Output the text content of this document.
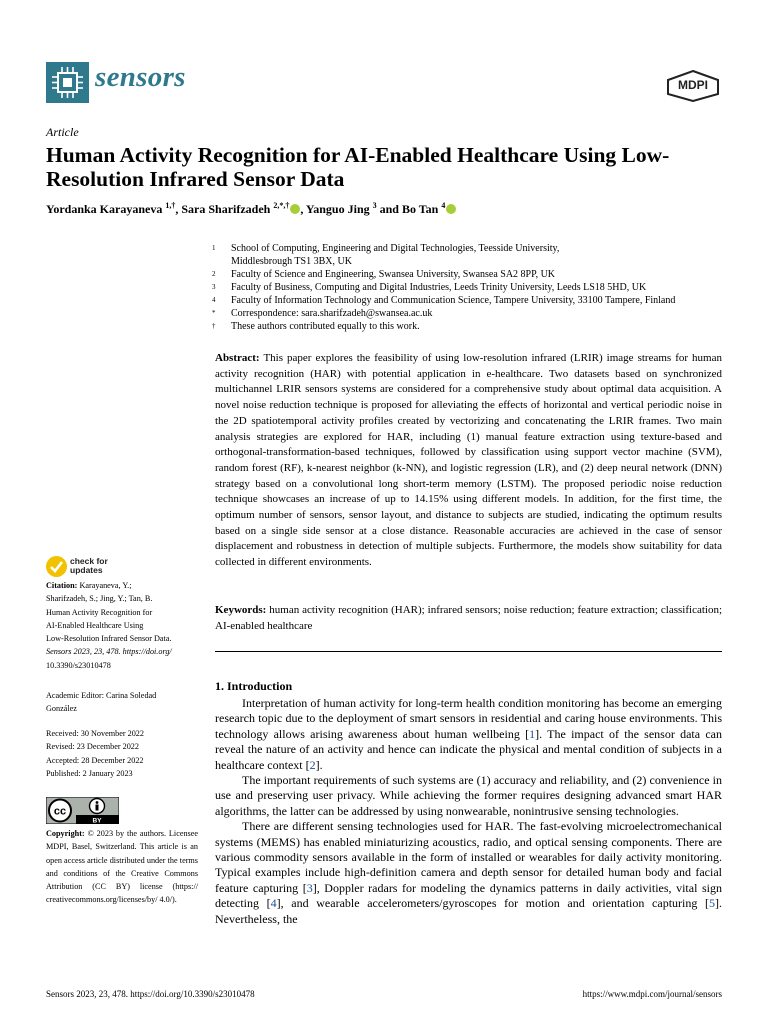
sensors	MDPI
Article
Human Activity Recognition for AI-Enabled Healthcare Using Low-Resolution Infrared Sensor Data
Yordanka Karayaneva $^{1,\dagger}$, Sara Sharifzadeh $^{2,*,\dagger}$ , Yanguo Jing $^3$ and Bo Tan $^4$
1	School of Computing, Engineering and Digital Technologies, Teesside University,
Middlesbrough TS1 3BX, UK
2	Faculty of Science and Engineering, Swansea University, Swansea SA2 8PP, UK
3	Faculty of Business, Computing and Digital Industries, Leeds Trinity University, Leeds LS18 5HD, UK
4	Faculty of Information Technology and Communication Science, Tampere University, 33100 Tampere, Finland
*	Correspondence: sara.sharifzadeh@swansea.ac.uk
†	These authors contributed equally to this work.
Abstract: This paper explores the feasibility of using low-resolution infrared (LRIR) image streams for human activity recognition (HAR) with potential application in e-healthcare. Two datasets based on synchronized multichannel LRIR sensors systems are considered for a comprehensive study about optimal data acquisition. A novel noise reduction technique is proposed for alleviating the effects of horizontal and vertical periodic noise in the 2D spatiotemporal activity profiles created by vectorizing and concatenating the LRIR frames. Two main analysis strategies are explored for HAR, including (1) manual feature extraction using texture-based and orthogonal-transformation-based techniques, followed by classification using support vector machine (SVM), random forest (RF), k-nearest neighbor (k-NN), and logistic regression (LR), and (2) deep neural network (DNN) strategy based on a convolutional long short-term memory (LSTM). The proposed periodic noise reduction technique showcases an increase of up to 14.15% using different models. In addition, for the first time, the optimum number of sensors, sensor layout, and distance to subjects are studied, indicating the optimum results based on a single side sensor at a close distance. Reasonable accuracies are achieved in the case of sensor displacement and robustness in detection of multiple subjects. Furthermore, the models show suitability for data collected in different environments.
Keywords: human activity recognition (HAR); infrared sensors; noise reduction; feature extraction; classification; AI-enabled healthcare
1. Introduction

Interpretation of human activity for long-term health condition monitoring has become an emerging research topic due to the deployment of smart sensors in residential and caring house environments. This technology allows arising awareness about human wellbeing [1]. The impact of the sensor data can reveal the nature of an activity and hence can indicate the physical and mental condition of subjects in a healthcare context [2].

The important requirements of such systems are (1) accuracy and reliability, and (2) convenience in use and preserving user privacy. While achieving the former requires designing advanced smart HAR algorithms, the latter can be addressed by using nonwearable, nonintrusive sensing technologies.

There are different sensing technologies used for HAR. The fast-evolving microelectromechanical systems (MEMS) has enabled miniaturizing acoustics, radio, and optical sensing components. There are various commodity sensors available in the form of installed or wearables for daily activity monitoring. Typical examples include high-definition camera and depth sensor for detailed human body and facial feature capturing [3], Doppler radars for modeling the dynamics patterns in daily activities, vital sign detecting [4], and wearable accelerometers/gyroscopes for motion and orientation capturing [5]. Nevertheless, the

check for
updates
Citation: Karayaneva, Y.;
Sharifzadeh, S.; Jing, Y.; Tan, B.
Human Activity Recognition for
AI-Enabled Healthcare Using
Low-Resolution Infrared Sensor Data.
Sensors 2023, 23, 478. https://doi.org/
10.3390/s23010478
Academic Editor: Carina Soledad
González
Received: 30 November 2022
Revised: 23 December 2022
Accepted: 28 December 2022
Published: 2 January 2023
cc
BY
Copyright: © 2023 by the authors. Licensee MDPI, Basel, Switzerland. This article is an open access article distributed under the terms and conditions of the Creative Commons Attribution (CC BY) license (https:// creativecommons.org/licenses/by/ 4.0/).
Sensors 2023, 23, 478. https://doi.org/10.3390/s23010478	https://www.mdpi.com/journal/sensors
